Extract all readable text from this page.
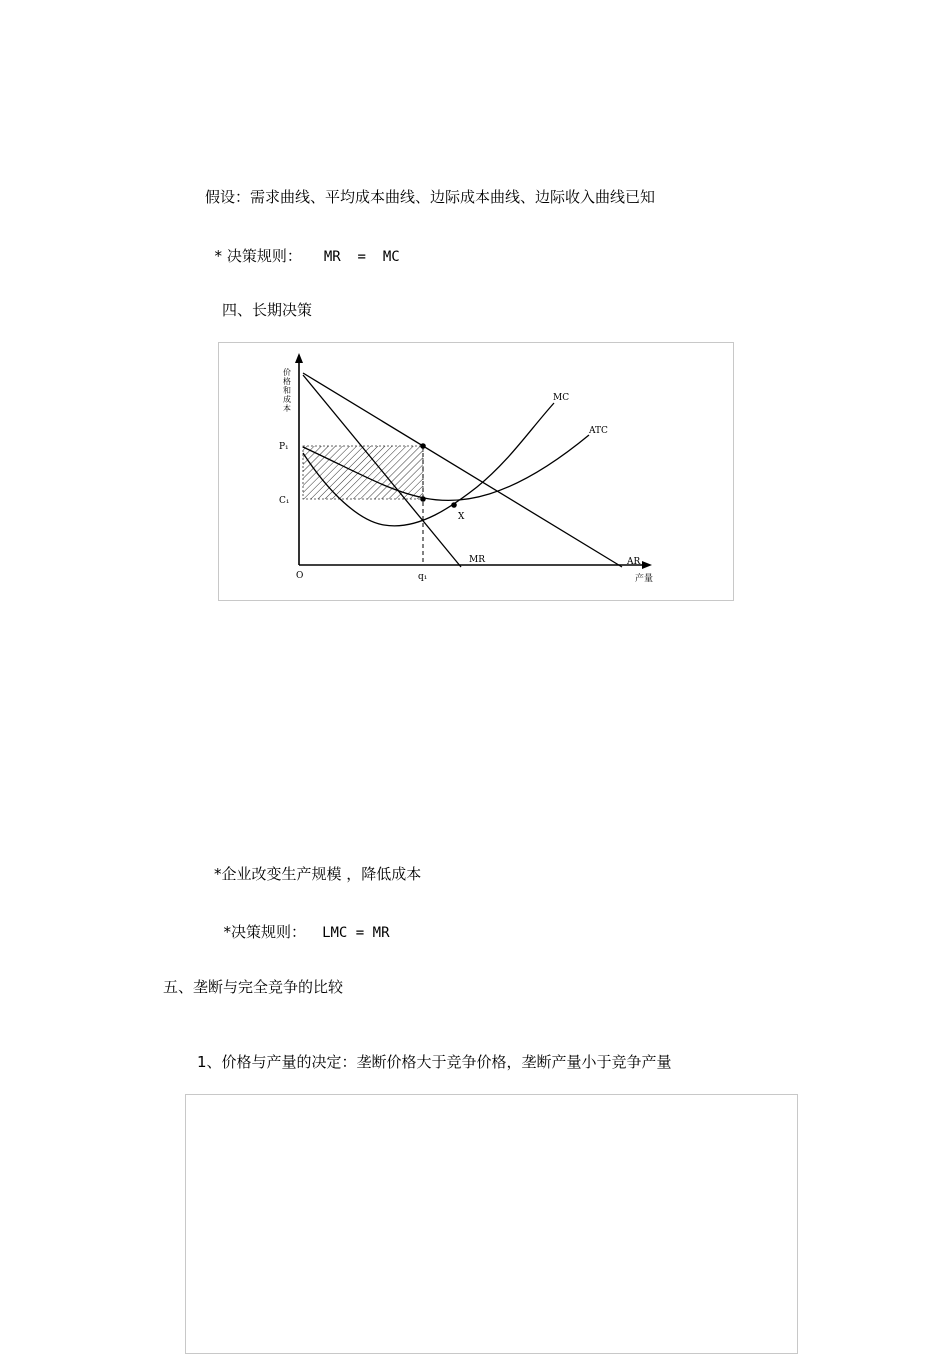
假设：需求曲线、平均成本曲线、边际成本曲线、边际收入曲线已知

* 决策规则： MR  =  MC

四、长期决策
价
格
和
成
本
P₁
C₁
O	q₁	产量
MC
ATC
X
MR	AR
*企业改变生产规模 ，降低成本

*决策规则： LMC = MR

五、垄断与完全竞争的比较
1、价格与产量的决定：垄断价格大于竞争价格，垄断产量小于竞争产量
